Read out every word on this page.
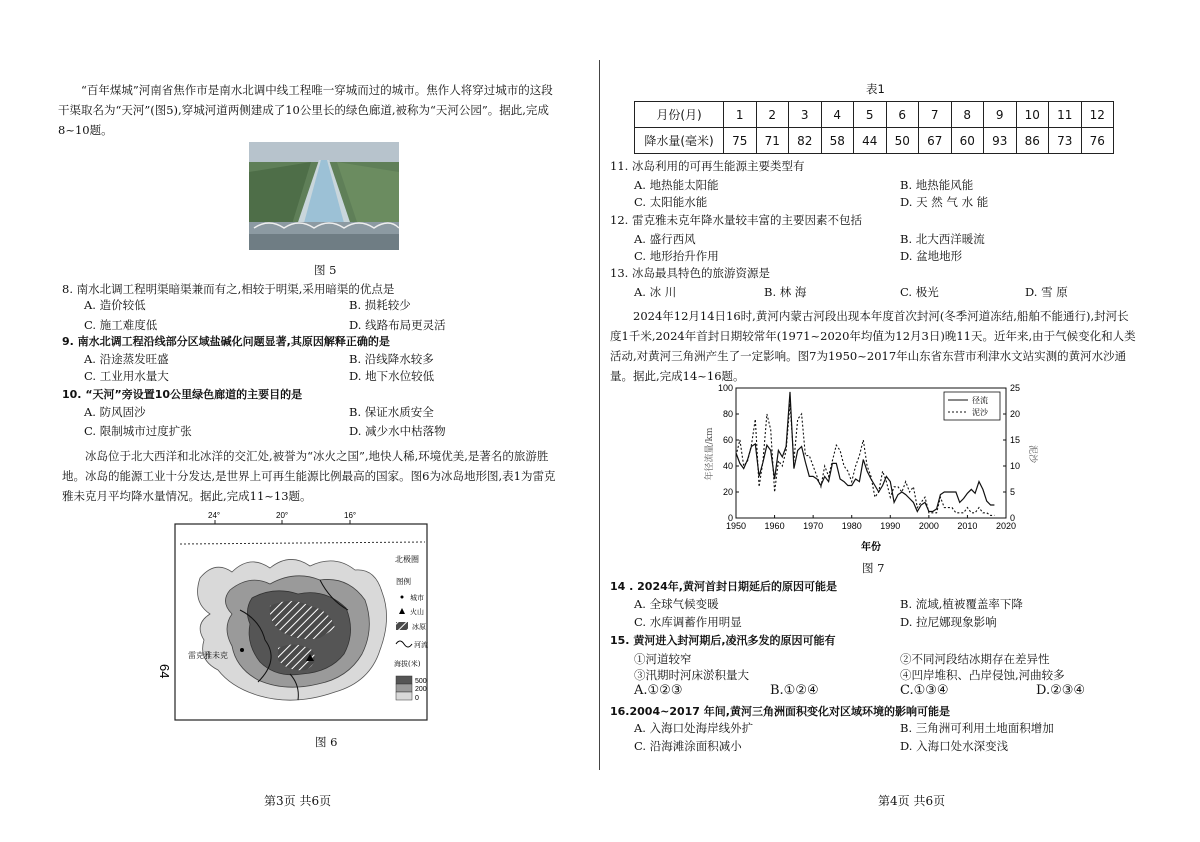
“百年煤城”河南省焦作市是南水北调中线工程唯一穿城而过的城市。焦作人将穿过城市的这段干渠取名为“天河”(图5),穿城河道两侧建成了10公里长的绿色廊道,被称为“天河公园”。据此,完成8~10题。
图 5
8. 南水北调工程明渠暗渠兼而有之,相较于明渠,采用暗渠的优点是
A. 造价较低	B. 损耗较少
C. 施工难度低	D. 线路布局更灵活
9. 南水北调工程沿线部分区域盐碱化问题显著,其原因解释正确的是
A. 沿途蒸发旺盛	B. 沿线降水较多
C. 工业用水量大	D. 地下水位较低
10. “天河”旁设置10公里绿色廊道的主要目的是
A. 防风固沙	B. 保证水质安全
C. 限制城市过度扩张	D. 减少水中枯落物
冰岛位于北大西洋和北冰洋的交汇处,被誉为“冰火之国”,地快人稀,环境优美,是著名的旅游胜地。冰岛的能源工业十分发达,是世界上可再生能源比例最高的国家。图6为冰岛地形图,表1为雷克雅未克月平均降水量情况。据此,完成11~13题。
24°	20°	16°
北极圈
雷克雅未克
64
图例
城市
火山
冰原
河流
海拔(米)
500
200
0
图 6
第3页 共6页
表1
月份(月)	1	2	3	4	5	6	7	8	9	10	11	12
降水量(毫米)	75	71	82	58	44	50	67	60	93	86	73	76
11. 冰岛利用的可再生能源主要类型有
A. 地热能太阳能	B. 地热能风能
C. 太阳能水能	D. 天 然 气 水 能
12. 雷克雅未克年降水量较丰富的主要因素不包括
A. 盛行西风	B. 北大西洋暖流
C. 地形抬升作用	D. 盆地地形
13. 冰岛最具特色的旅游资源是
A. 冰 川	B. 林 海	C. 极光	D. 雪 原
2024年12月14日16时,黄河内蒙古河段出现本年度首次封河(冬季河道冻结,船舶不能通行),封河长度1千米,2024年首封日期较常年(1971~2020年均值为12月3日)晚11天。近年来,由于气候变化和人类活动,对黄河三角洲产生了一定影响。图7为1950~2017年山东省东营市利津水文站实测的黄河水沙通量。据此,完成14~16题。
1950 1960 1970 1980 1990 2000 2010 2020
0
20
40
60
80
100
0
5
10
15
20
25
年径流量/km	泥沙
年份
径流
泥沙
图 7
14 . 2024年,黄河首封日期延后的原因可能是
A. 全球气候变暖	B. 流域,植被覆盖率下降
C. 水库调蓄作用明显	D. 拉尼娜现象影响
15. 黄河进入封河期后,凌汛多发的原因可能有
①河道较窄	②不同河段结冰期存在差异性
③汛期时河床淤积量大	④凹岸堆积、凸岸侵蚀,河曲较多
A.①②③	B.①②④	C.①③④	D.②③④
16.2004~2017 年间,黄河三角洲面积变化对区域环境的影响可能是
A. 入海口处海岸线外扩	B. 三角洲可利用土地面积增加
C. 沿海滩涂面积减小	D. 入海口处水深变浅
第4页 共6页
